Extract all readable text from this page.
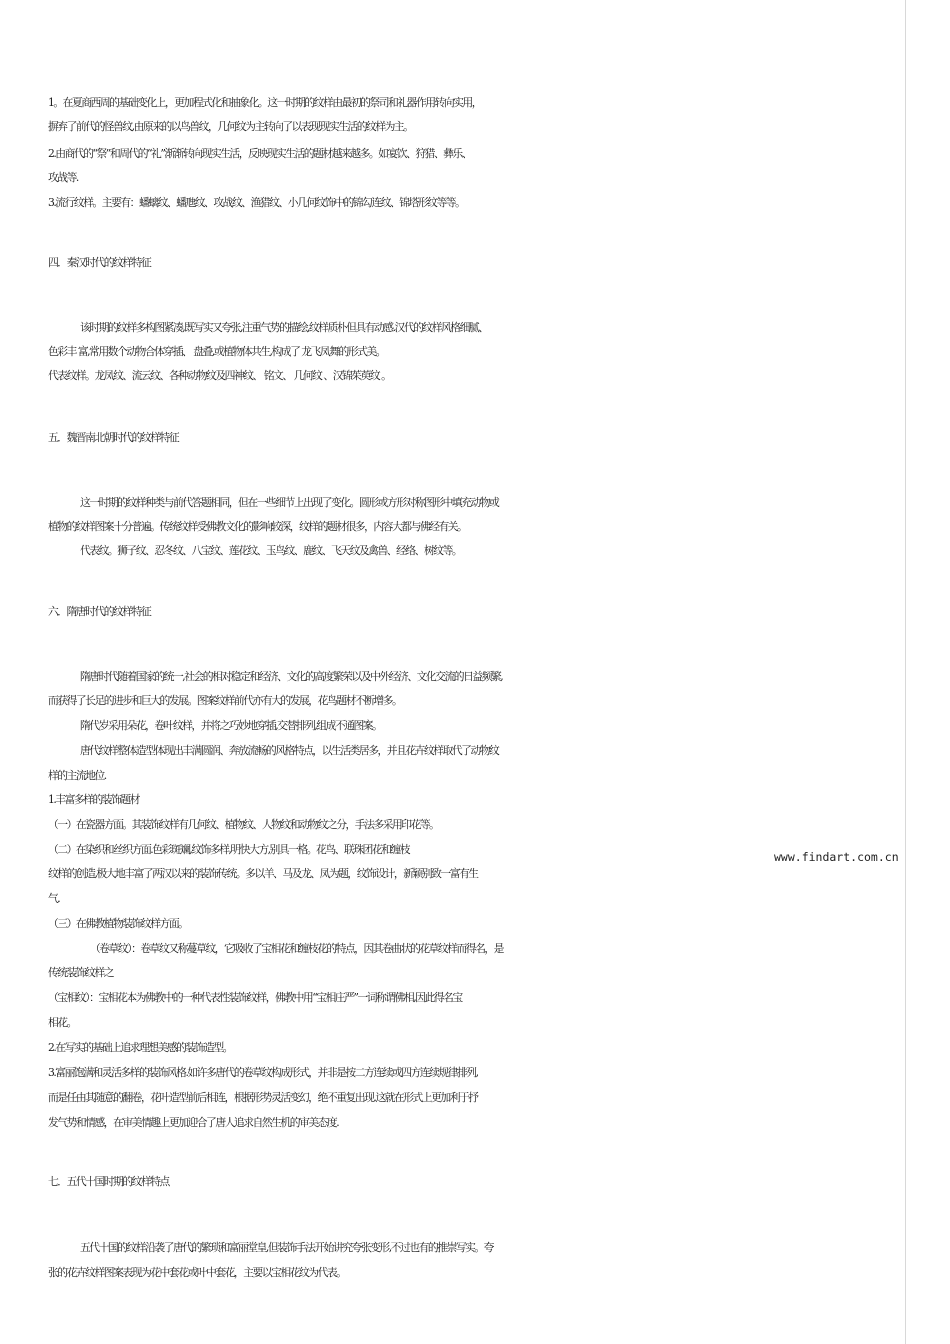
1。在夏商西周的基础变化上，更加程式化和抽象化。这一时期的纹样由最初的祭司和礼器作用转向实用，
摒弃了前代的怪兽纹,由原来的以鸟兽纹，几何纹为主转向了以表现现实生活的纹样为主。
2.由商代的“祭”和周代的“礼”渐渐转向现实生活，反映现实生活的题材越来越多。如宴饮、狩猎、彝乐、
攻战等.
3.流行纹样。主要有：蟠螭纹、蟠虺纹、攻战纹、渔猎纹、小几何纹饰中的锦勾连纹、锦塔形纹等等。
四．秦汉时代的纹样特征
该时期的纹样多构图紧凑,既写实又夸张,注重气势的描绘,纹样质朴但具有动感.汉代的纹样风格细腻、
色彩丰 富,常用数个动物合体穿插、 盘叠,或植物体共生,构成了 龙飞凤舞的形式美。
代表纹样。龙凤纹、流云纹、各种动物纹及四神纹、 铭文、 几何纹 、汉锦茱萸纹 。
五．魏晋南北朝时代的纹样特征
这一时期的纹样种类与前代答题相同，但在一些细节上出现了变化。圆形或方形对称图形中填充动物或
植物的纹样图案十分普遍。传统纹样受佛教文化的影响较深，纹样的题材很多，内容大都与佛经有关。
代表纹。狮子纹、忍冬纹、八宝纹、莲花纹、玉鸟纹、鹿纹、飞天纹及禽兽、经络、树纹等。
六．隋唐时代的纹样特征
隋唐时代随着国家的统一,社会的相对稳定和经济、文化的高度繁荣以及中外经济、文化交流的日益频繁,
而获得了长足的进步和巨大的发展。图案纹样前代亦有大的发展，花鸟题材不断增多。
隋代岁采用朵花，卷叶纹样，并将之巧妙地穿插,交替排列,组成不通图案。
唐代纹样整体造型体现出丰满圆润、奔放流畅的风格特点，以生活类居多，并且花卉纹样取代了动物纹
样的主流地位.
1.丰富多样的装饰题材
（一）在瓷器方面。其装饰纹样有几何纹、植物纹、人物纹和动物纹之分，手法多采用印花等。
（二）在染织和丝织方面.色彩斑斓,纹饰多样,明快大方,别具一格。花鸟、联珠团花和缠枝
www.findart.com.cn
纹样的创造,极大地丰富了两汉以来的装饰传统。多以羊、马及龙、凤为题，纹饰设计，新颖别致一富有生
气.
（三）在佛教植物装饰纹样方面。
（卷草纹）：卷草纹又称蔓草纹，它吸收了宝相花和缠枝花的特点，因其卷曲状的花草纹样而得名，是
传统装饰纹样之
（宝相纹）：宝相花本为佛教中的一种代表性装饰纹样，佛教中用“宝相庄严”一词称谓佛相,因此得名宝
相花。
2.在写实的基础上追求理想美感的装饰造型。
3.富丽饱满和灵活多样的装饰风格.如许多唐代的卷草纹构成形式，并非是按二方连续或四方连续规律排列,
而是任由其随意的翻卷，花叶造型前后相连，根据形势灵活变幻，绝不重复出现.这就在形式上更加利于抒
发气势和情感，在审美情趣上更加迎合了唐人追求自然生机的审美态度.
七．五代十国时期的纹样特点
五代十国的纹样沿袭了唐代的繁琐和富丽堂皇,但装饰手法开始讲究夸张变形,不过也有的推崇写实。夸
张的花卉纹样图案表现为花中套花或叶中套花，主要以宝相花纹为代表。
